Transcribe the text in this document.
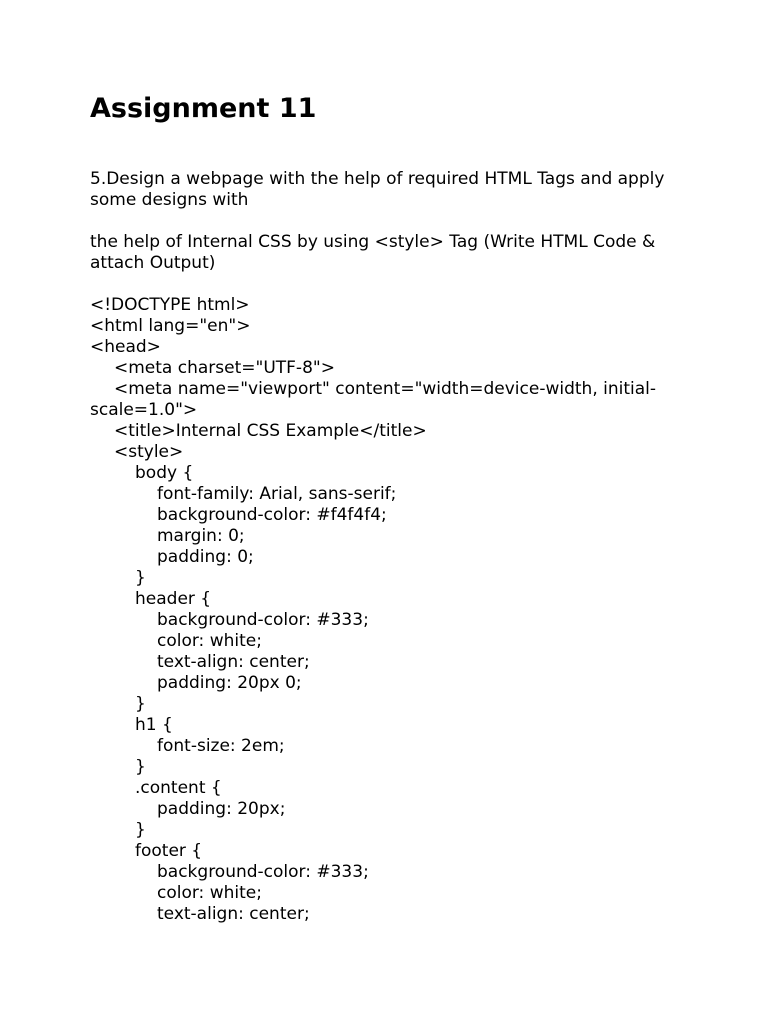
Assignment 11

5.Design a webpage with the help of required HTML Tags and apply some designs with

the help of Internal CSS by using <style> Tag (Write HTML Code & attach Output)

<!DOCTYPE html>
<html lang="en">
<head>
<meta charset="UTF-8">
<meta name="viewport" content="width=device-width, initial-scale=1.0">
<title>Internal CSS Example</title>
<style>
body {
font-family: Arial, sans-serif;
background-color: #f4f4f4;
margin: 0;
padding: 0;
}
header {
background-color: #333;
color: white;
text-align: center;
padding: 20px 0;
}
h1 {
font-size: 2em;
}
.content {
padding: 20px;
}
footer {
background-color: #333;
color: white;
text-align: center;
